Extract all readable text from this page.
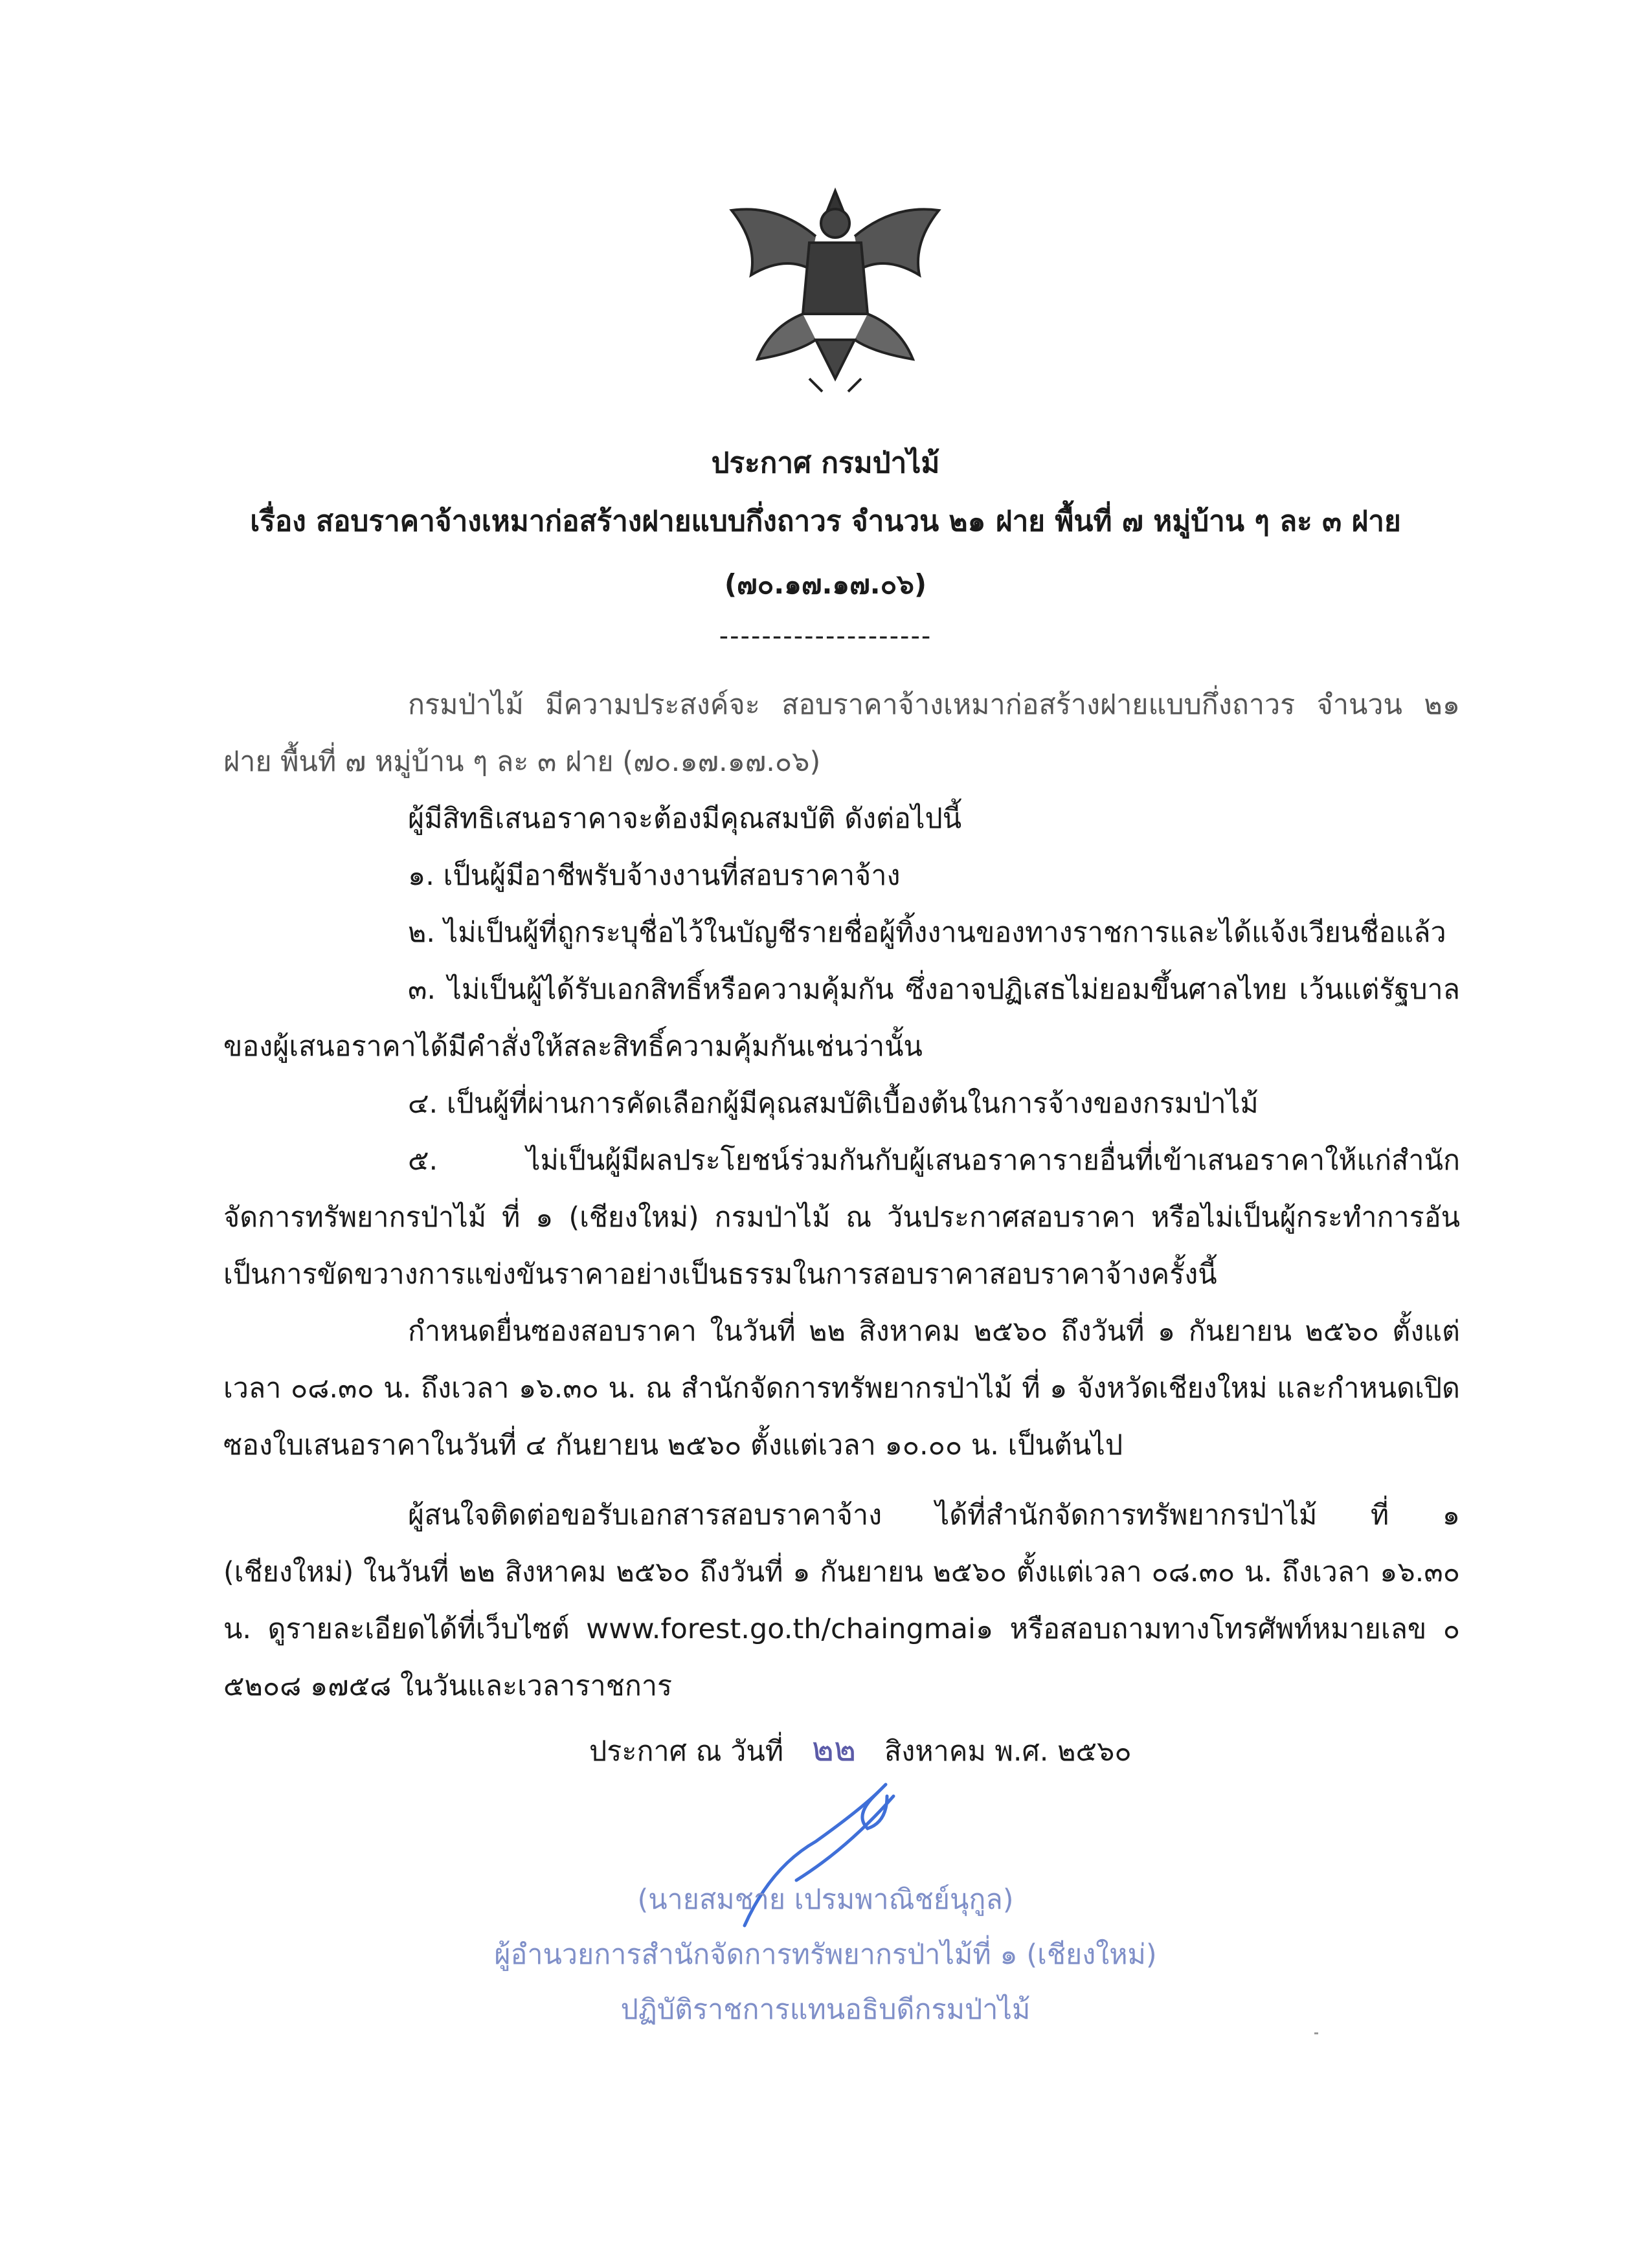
ประกาศ กรมป่าไม้
เรื่อง สอบราคาจ้างเหมาก่อสร้างฝายแบบกึ่งถาวร จำนวน ๒๑ ฝาย พื้นที่ ๗ หมู่บ้าน ๆ ละ ๓ ฝาย
(๗๐.๑๗.๑๗.๐๖)
--------------------

กรมป่าไม้ มีความประสงค์จะ สอบราคาจ้างเหมาก่อสร้างฝายแบบกึ่งถาวร จำนวน ๒๑ ฝาย พื้นที่ ๗ หมู่บ้าน ๆ ละ ๓ ฝาย (๗๐.๑๗.๑๗.๐๖)

ผู้มีสิทธิเสนอราคาจะต้องมีคุณสมบัติ ดังต่อไปนี้

๑. เป็นผู้มีอาชีพรับจ้างงานที่สอบราคาจ้าง

๒. ไม่เป็นผู้ที่ถูกระบุชื่อไว้ในบัญชีรายชื่อผู้ทิ้งงานของทางราชการและได้แจ้งเวียนชื่อแล้ว

๓. ไม่เป็นผู้ได้รับเอกสิทธิ์หรือความคุ้มกัน ซึ่งอาจปฏิเสธไม่ยอมขึ้นศาลไทย เว้นแต่รัฐบาลของผู้เสนอราคาได้มีคำสั่งให้สละสิทธิ์ความคุ้มกันเช่นว่านั้น

๔. เป็นผู้ที่ผ่านการคัดเลือกผู้มีคุณสมบัติเบื้องต้นในการจ้างของกรมป่าไม้

๕. ไม่เป็นผู้มีผลประโยชน์ร่วมกันกับผู้เสนอราคารายอื่นที่เข้าเสนอราคาให้แก่สำนักจัดการทรัพยากรป่าไม้ ที่ ๑ (เชียงใหม่) กรมป่าไม้ ณ วันประกาศสอบราคา หรือไม่เป็นผู้กระทำการอันเป็นการขัดขวางการแข่งขันราคาอย่างเป็นธรรมในการสอบราคาสอบราคาจ้างครั้งนี้

กำหนดยื่นซองสอบราคา ในวันที่ ๒๒ สิงหาคม ๒๕๖๐ ถึงวันที่ ๑ กันยายน ๒๕๖๐ ตั้งแต่เวลา ๐๘.๓๐ น. ถึงเวลา ๑๖.๓๐ น. ณ สำนักจัดการทรัพยากรป่าไม้ ที่ ๑ จังหวัดเชียงใหม่ และกำหนดเปิดซองใบเสนอราคาในวันที่ ๔ กันยายน ๒๕๖๐ ตั้งแต่เวลา ๑๐.๐๐ น. เป็นต้นไป

ผู้สนใจติดต่อขอรับเอกสารสอบราคาจ้าง ได้ที่สำนักจัดการทรัพยากรป่าไม้ ที่ ๑ (เชียงใหม่) ในวันที่ ๒๒ สิงหาคม ๒๕๖๐ ถึงวันที่ ๑ กันยายน ๒๕๖๐ ตั้งแต่เวลา ๐๘.๓๐ น. ถึงเวลา ๑๖.๓๐ น. ดูรายละเอียดได้ที่เว็บไซต์ www.forest.go.th/chaingmai๑ หรือสอบถามทางโทรศัพท์หมายเลข ๐ ๕๒๐๘ ๑๗๕๘ ในวันและเวลาราชการ

ประกาศ ณ วันที่ ๒๒ สิงหาคม พ.ศ. ๒๕๖๐
(นายสมชาย เปรมพาณิชย์นุกูล)
ผู้อำนวยการสำนักจัดการทรัพยากรป่าไม้ที่ ๑ (เชียงใหม่)
ปฏิบัติราชการแทนอธิบดีกรมป่าไม้
